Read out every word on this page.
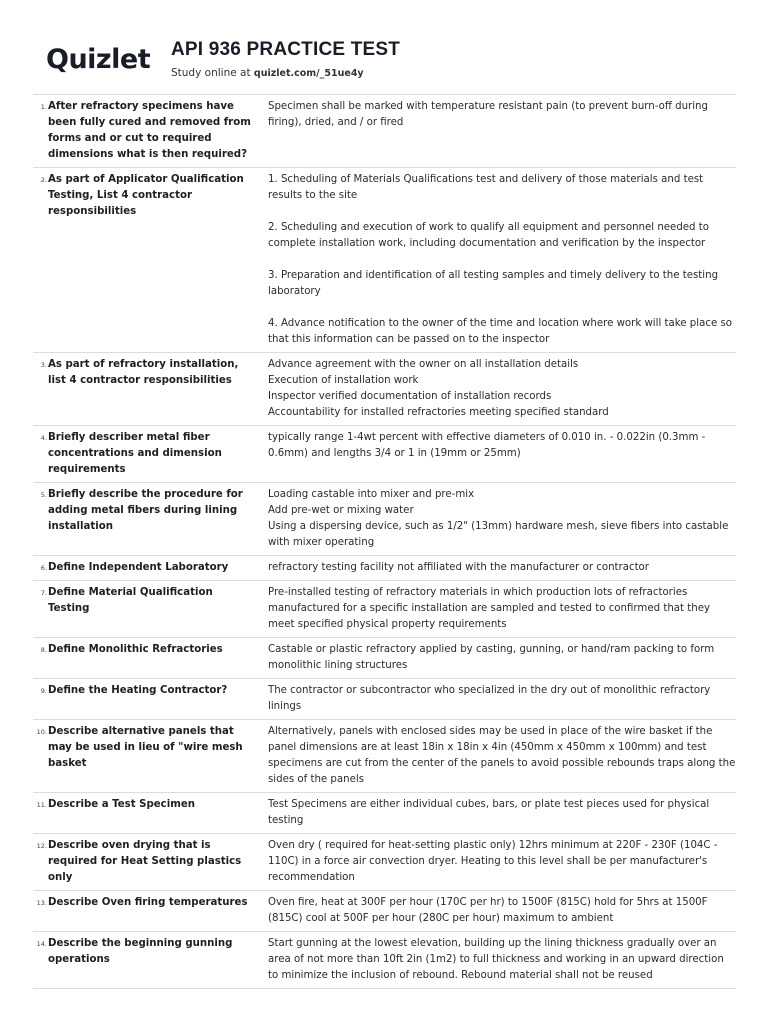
Quizlet API 936 PRACTICE TEST
Study online at quizlet.com/_51ue4y
1. After refractory specimens have been fully cured and removed from forms and or cut to required dimensions what is then required?

Specimen shall be marked with temperature resistant pain (to prevent burn-off during firing), dried, and / or fired

2. As part of Applicator Qualification Testing, List 4 contractor responsibilities

1. Scheduling of Materials Qualifications test and delivery of those materials and test results to the site

2. Scheduling and execution of work to qualify all equipment and personnel needed to complete installation work, including documentation and verification by the inspector

3. Preparation and identification of all testing samples and timely delivery to the testing laboratory

4. Advance notification to the owner of the time and location where work will take place so that this information can be passed on to the inspector

3. As part of refractory installation, list 4 contractor responsibilities

Advance agreement with the owner on all installation details

Execution of installation work

Inspector verified documentation of installation records

Accountability for installed refractories meeting specified standard

4. Briefly describer metal fiber concentrations and dimension requirements

typically range 1-4wt percent with effective diameters of 0.010 in. - 0.022in (0.3mm - 0.6mm) and lengths 3/4 or 1 in (19mm or 25mm)

5. Briefly describe the procedure for adding metal fibers during lining installation

Loading castable into mixer and pre-mix

Add pre-wet or mixing water

Using a dispersing device, such as 1/2" (13mm) hardware mesh, sieve fibers into castable with mixer operating

6. Define Independent Laboratory	refractory testing facility not affiliated with the manufacturer or contractor

7. Define Material Qualification Testing

Pre-installed testing of refractory materials in which production lots of refractories manufactured for a specific installation are sampled and tested to confirmed that they meet specified physical property requirements

8. Define Monolithic Refractories	Castable or plastic refractory applied by casting, gunning, or hand/ram packing to form monolithic lining structures

9. Define the Heating Contractor?	The contractor or subcontractor who specialized in the dry out of monolithic refractory linings

10. Describe alternative panels that may be used in lieu of "wire mesh basket

Alternatively, panels with enclosed sides may be used in place of the wire basket if the panel dimensions are at least 18in x 18in x 4in (450mm x 450mm x 100mm) and test specimens are cut from the center of the panels to avoid possible rebounds traps along the sides of the panels

11. Describe a Test Specimen	Test Specimens are either individual cubes, bars, or plate test pieces used for physical testing

12. Describe oven drying that is required for Heat Setting plastics only

Oven dry ( required for heat-setting plastic only) 12hrs minimum at 220F - 230F (104C - 110C) in a force air convection dryer. Heating to this level shall be per manufacturer's recommendation

13. Describe Oven firing temperatures	Oven fire, heat at 300F per hour (170C per hr) to 1500F (815C) hold for 5hrs at 1500F (815C) cool at 500F per hour (280C per hour) maximum to ambient

14. Describe the beginning gunning operations

Start gunning at the lowest elevation, building up the lining thickness gradually over an area of not more than 10ft 2in (1m2) to full thickness and working in an upward direction to minimize the inclusion of rebound. Rebound material shall not be reused
